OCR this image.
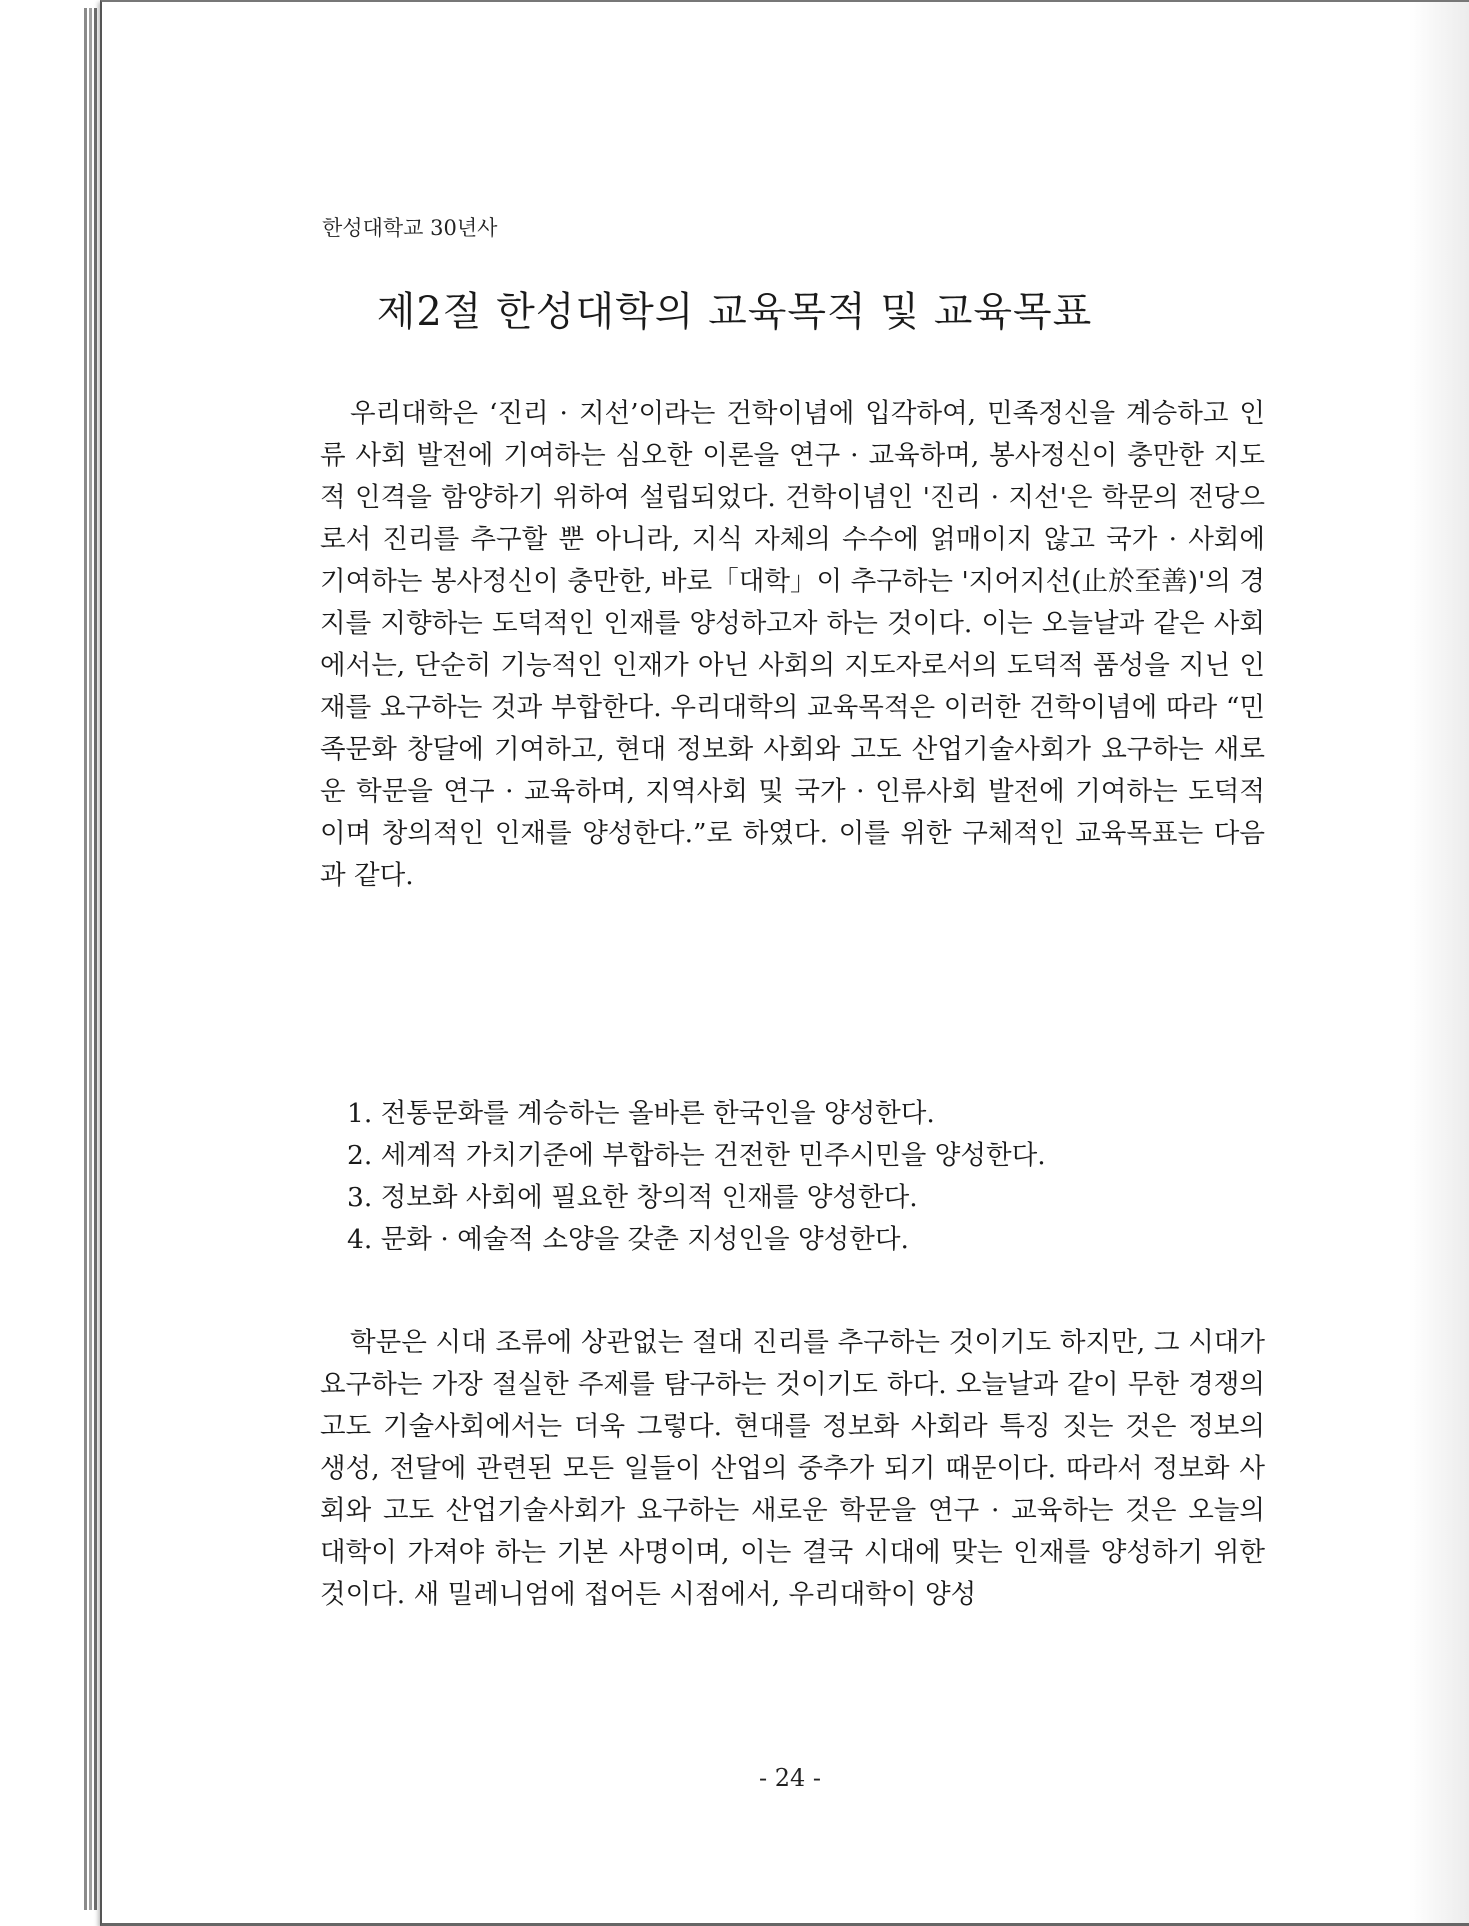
한성대학교 30년사
제2절 한성대학의 교육목적 및 교육목표

우리대학은 ‘진리 · 지선’이라는 건학이념에 입각하여, 민족정신을 계승하고 인류 사회 발전에 기여하는 심오한 이론을 연구 · 교육하며, 봉사정신이 충만한 지도적 인격을 함양하기 위하여 설립되었다. 건학이념인 '진리 · 지선'은 학문의 전당으로서 진리를 추구할 뿐 아니라, 지식 자체의 수수에 얽매이지 않고 국가 · 사회에 기여하는 봉사정신이 충만한, 바로「대학」이 추구하는 '지어지선(止於至善)'의 경지를 지향하는 도덕적인 인재를 양성하고자 하는 것이다. 이는 오늘날과 같은 사회에서는, 단순히 기능적인 인재가 아닌 사회의 지도자로서의 도덕적 품성을 지닌 인재를 요구하는 것과 부합한다. 우리대학의 교육목적은 이러한 건학이념에 따라 “민족문화 창달에 기여하고, 현대 정보화 사회와 고도 산업기술사회가 요구하는 새로운 학문을 연구 · 교육하며, 지역사회 및 국가 · 인류사회 발전에 기여하는 도덕적이며 창의적인 인재를 양성한다.”로 하였다. 이를 위한 구체적인 교육목표는 다음과 같다.

1. 전통문화를 계승하는 올바른 한국인을 양성한다.
2. 세계적 가치기준에 부합하는 건전한 민주시민을 양성한다.
3. 정보화 사회에 필요한 창의적 인재를 양성한다.
4. 문화 · 예술적 소양을 갖춘 지성인을 양성한다.

학문은 시대 조류에 상관없는 절대 진리를 추구하는 것이기도 하지만, 그 시대가 요구하는 가장 절실한 주제를 탐구하는 것이기도 하다. 오늘날과 같이 무한 경쟁의 고도 기술사회에서는 더욱 그렇다. 현대를 정보화 사회라 특징 짓는 것은 정보의 생성, 전달에 관련된 모든 일들이 산업의 중추가 되기 때문이다. 따라서 정보화 사회와 고도 산업기술사회가 요구하는 새로운 학문을 연구 · 교육하는 것은 오늘의 대학이 가져야 하는 기본 사명이며, 이는 결국 시대에 맞는 인재를 양성하기 위한 것이다. 새 밀레니엄에 접어든 시점에서, 우리대학이 양성

- 24 -
